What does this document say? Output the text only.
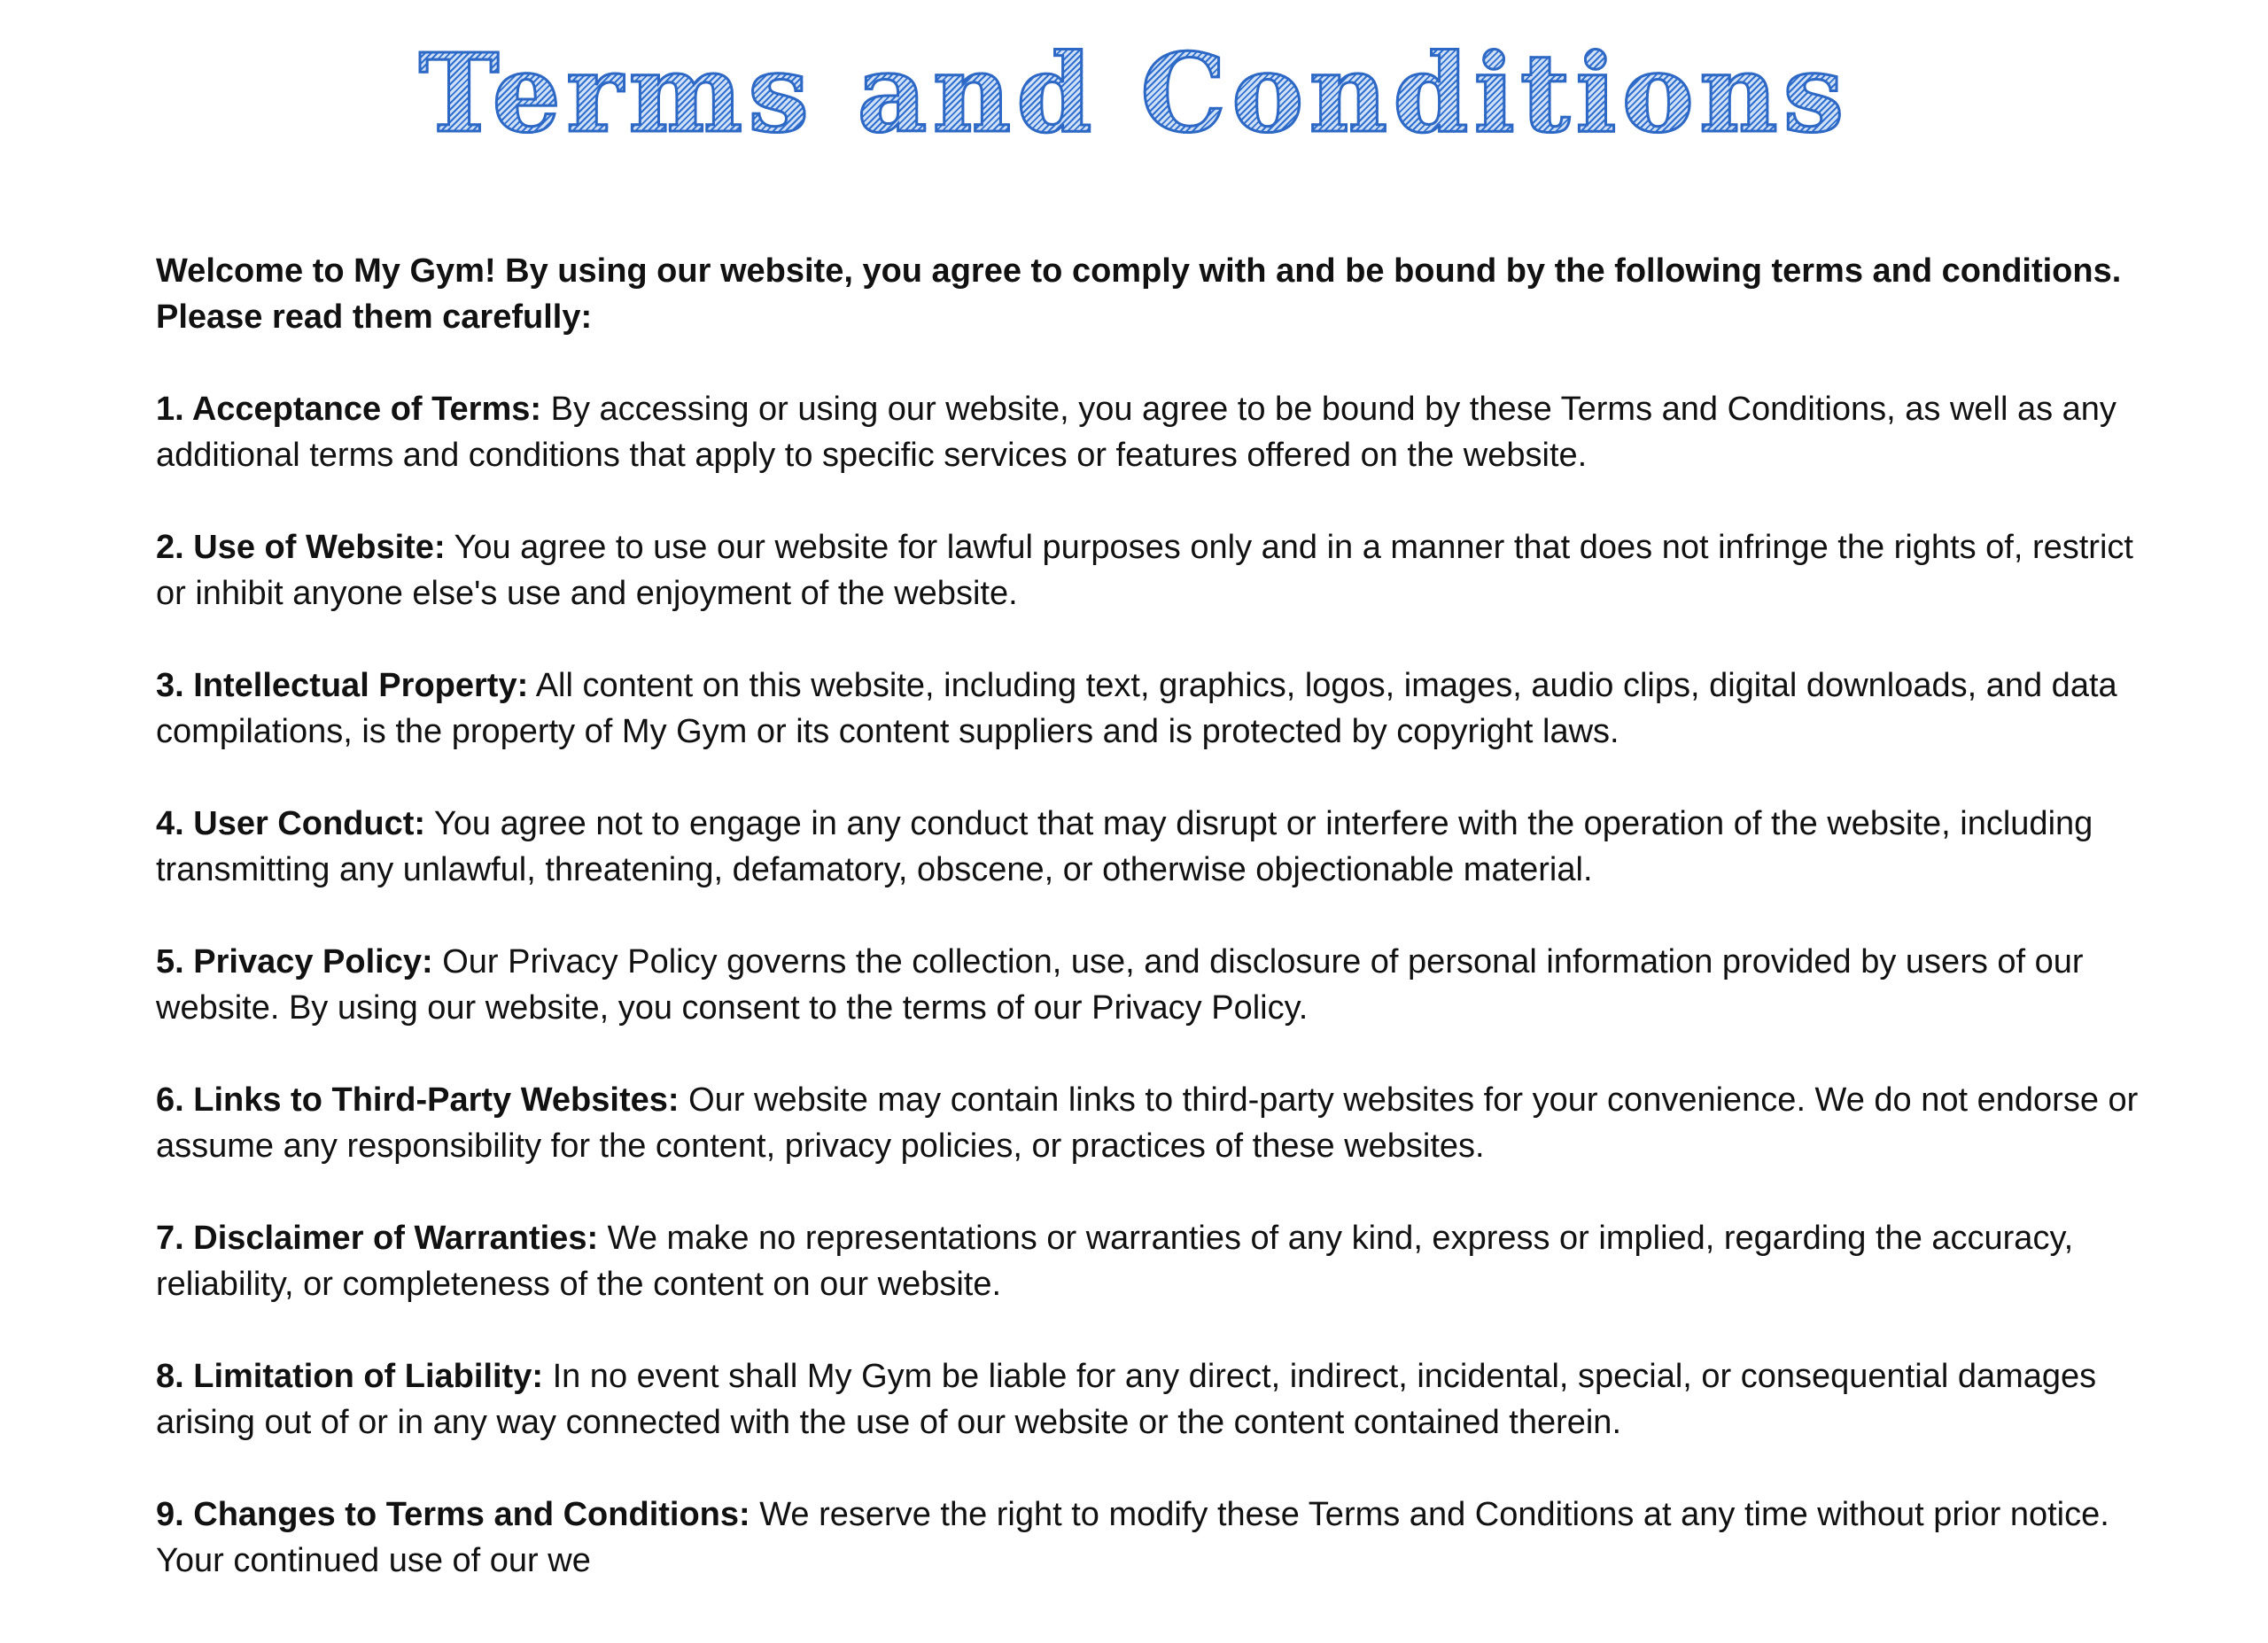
Terms and Conditions

Welcome to My Gym! By using our website, you agree to comply with and be bound by the following terms and conditions. Please read them carefully:

1. Acceptance of Terms: By accessing or using our website, you agree to be bound by these Terms and Conditions, as well as any additional terms and conditions that apply to specific services or features offered on the website.

2. Use of Website: You agree to use our website for lawful purposes only and in a manner that does not infringe the rights of, restrict or inhibit anyone else's use and enjoyment of the website.

3. Intellectual Property: All content on this website, including text, graphics, logos, images, audio clips, digital downloads, and data compilations, is the property of My Gym or its content suppliers and is protected by copyright laws.

4. User Conduct: You agree not to engage in any conduct that may disrupt or interfere with the operation of the website, including transmitting any unlawful, threatening, defamatory, obscene, or otherwise objectionable material.

5. Privacy Policy: Our Privacy Policy governs the collection, use, and disclosure of personal information provided by users of our website. By using our website, you consent to the terms of our Privacy Policy.

6. Links to Third-Party Websites: Our website may contain links to third-party websites for your convenience. We do not endorse or assume any responsibility for the content, privacy policies, or practices of these websites.

7. Disclaimer of Warranties: We make no representations or warranties of any kind, express or implied, regarding the accuracy, reliability, or completeness of the content on our website.

8. Limitation of Liability: In no event shall My Gym be liable for any direct, indirect, incidental, special, or consequential damages arising out of or in any way connected with the use of our website or the content contained therein.

9. Changes to Terms and Conditions: We reserve the right to modify these Terms and Conditions at any time without prior notice. Your continued use of our we
